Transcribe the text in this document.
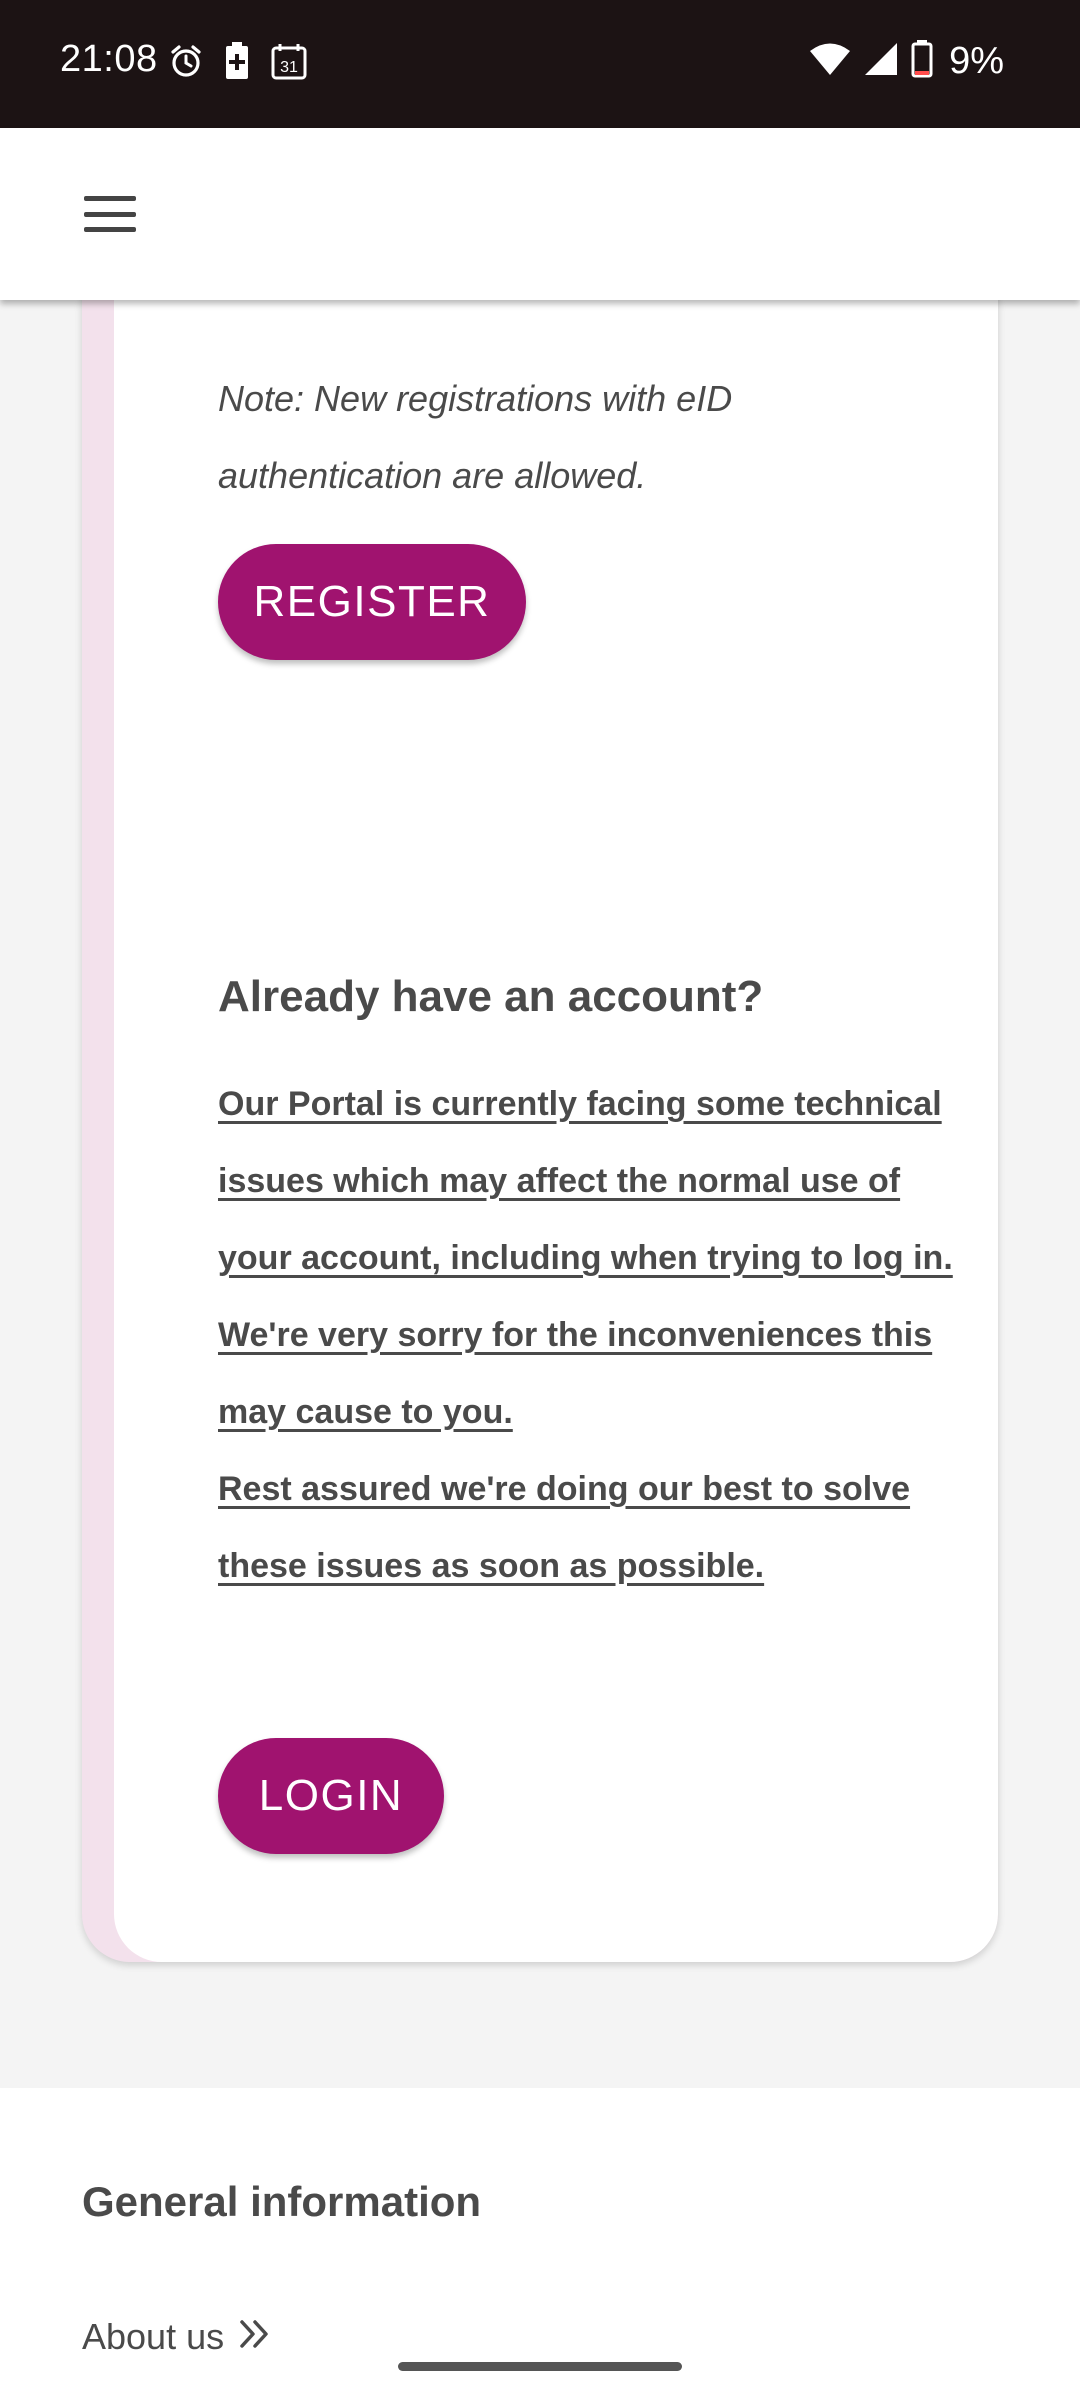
21:08	31	9%
Note: New registrations with eID authentication are allowed.
REGISTER
Already have an account?

Our Portal is currently facing some technical issues which may affect the normal use of your account, including when trying to log in.

We're very sorry for the inconveniences this may cause to you.

Rest assured we're doing our best to solve these issues as soon as possible.

LOGIN
General information
About us
